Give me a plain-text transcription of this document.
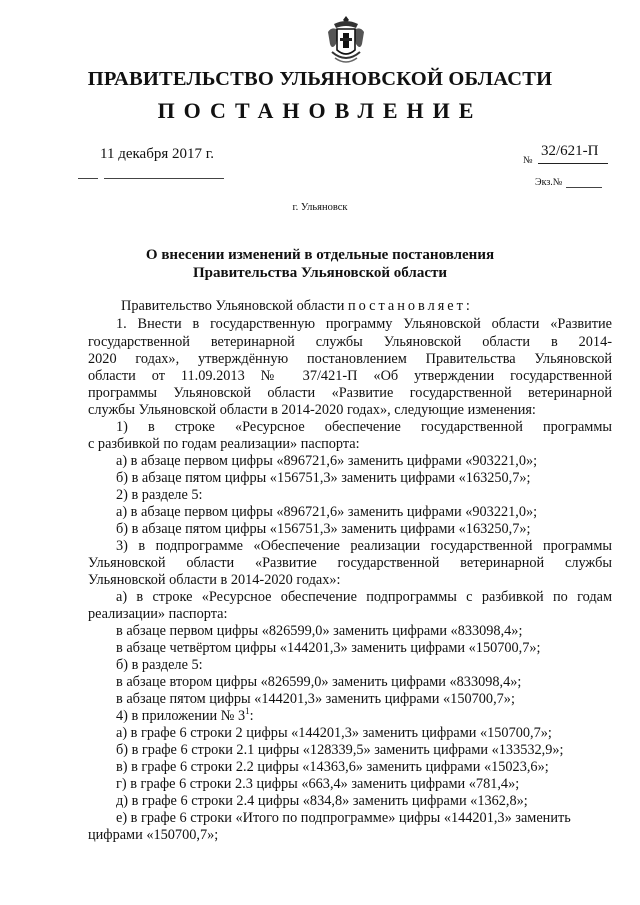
ПРАВИТЕЛЬСТВО УЛЬЯНОВСКОЙ ОБЛАСТИ
ПОСТАНОВЛЕНИЕ
11 декабря 2017 г.	№
32/621-П
Экз.№
г. Ульяновск
О внесении изменений в отдельные постановления
Правительства Ульяновской области
Правительство Ульяновской области постановляет:
1. Внести в государственную программу Ульяновской области «Развитие
государственной ветеринарной службы Ульяновской области в 2014-
2020 годах», утверждённую постановлением Правительства Ульяновской
области от 11.09.2013 № 37/421-П «Об утверждении государственной
программы Ульяновской области «Развитие государственной ветеринарной
службы Ульяновской области в 2014-2020 годах», следующие изменения:
1) в строке «Ресурсное обеспечение государственной программы
с разбивкой по годам реализации» паспорта:
а) в абзаце первом цифры «896721,6» заменить цифрами «903221,0»;
б) в абзаце пятом цифры «156751,3» заменить цифрами «163250,7»;
2) в разделе 5:
а) в абзаце первом цифры «896721,6» заменить цифрами «903221,0»;
б) в абзаце пятом цифры «156751,3» заменить цифрами «163250,7»;
3) в подпрограмме «Обеспечение реализации государственной программы
Ульяновской области «Развитие государственной ветеринарной службы
Ульяновской области в 2014-2020 годах»:
а) в строке «Ресурсное обеспечение подпрограммы с разбивкой по годам
реализации» паспорта:
в абзаце первом цифры «826599,0» заменить цифрами «833098,4»;
в абзаце четвёртом цифры «144201,3» заменить цифрами «150700,7»;
б) в разделе 5:
в абзаце втором цифры «826599,0» заменить цифрами «833098,4»;
в абзаце пятом цифры «144201,3» заменить цифрами «150700,7»;
4) в приложении № $3^1$:
а) в графе 6 строки 2 цифры «144201,3» заменить цифрами «150700,7»;
б) в графе 6 строки 2.1 цифры «128339,5» заменить цифрами «133532,9»;
в) в графе 6 строки 2.2 цифры «14363,6» заменить цифрами «15023,6»;
г) в графе 6 строки 2.3 цифры «663,4» заменить цифрами «781,4»;
д) в графе 6 строки 2.4 цифры «834,8» заменить цифрами «1362,8»;
е) в графе 6 строки «Итого по подпрограмме» цифры «144201,3» заменить
цифрами «150700,7»;
